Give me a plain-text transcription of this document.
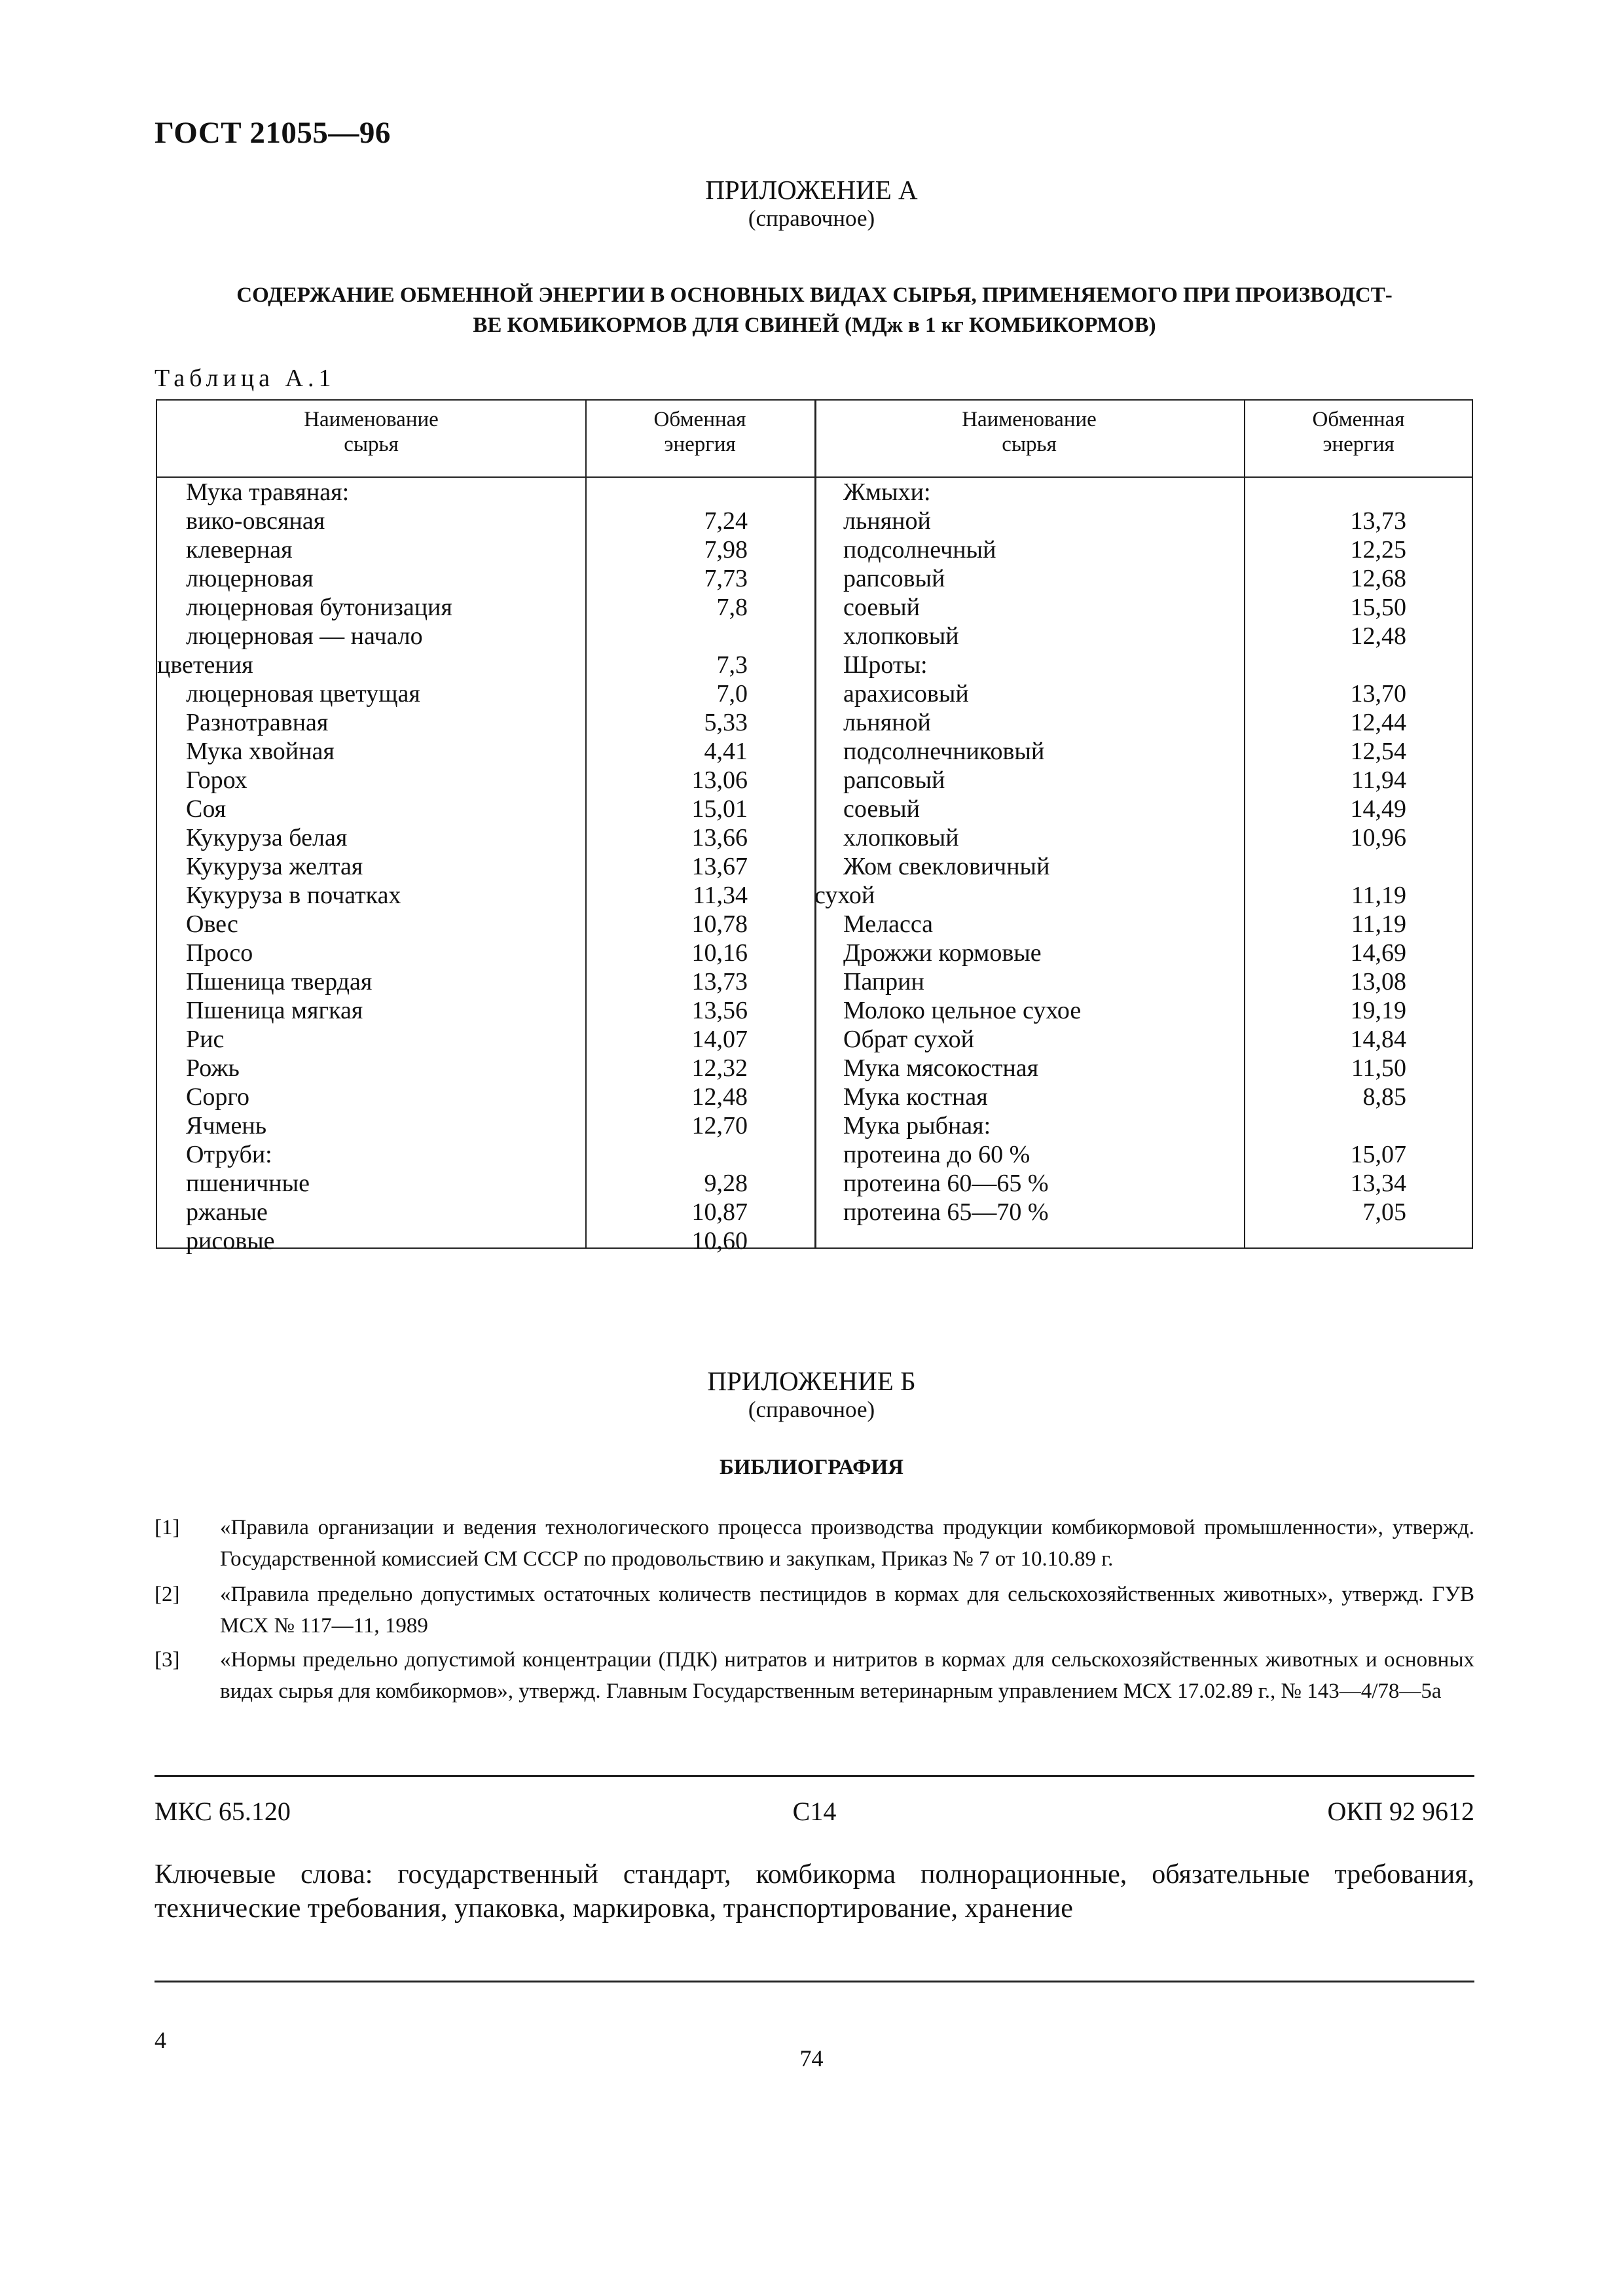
ГОСТ 21055—96
ПРИЛОЖЕНИЕ А
(справочное)
СОДЕРЖАНИЕ ОБМЕННОЙ ЭНЕРГИИ В ОСНОВНЫХ ВИДАХ СЫРЬЯ, ПРИМЕНЯЕМОГО ПРИ ПРОИЗВОДСТ-
ВЕ КОМБИКОРМОВ ДЛЯ СВИНЕЙ (МДж в 1 кг КОМБИКОРМОВ)
Таблица А.1
Наименование
сырья
Обменная
энергия
Наименование
сырья
Обменная
энергия
Мука травяная:
вико-овсяная
клеверная
люцерновая
люцерновая бутонизация
люцерновая — начало
цветения
люцерновая цветущая
Разнотравная
Мука хвойная
Горох
Соя
Кукуруза белая
Кукуруза желтая
Кукуруза в початках
Овес
Просо
Пшеница твердая
Пшеница мягкая
Рис
Рожь
Сорго
Ячмень
Отруби:
пшеничные
ржаные
рисовые
7,24
7,98
7,73
7,8
7,3
7,0
5,33
4,41
13,06
15,01
13,66
13,67
11,34
10,78
10,16
13,73
13,56
14,07
12,32
12,48
12,70
9,28
10,87
10,60
Жмыхи:
льняной
подсолнечный
рапсовый
соевый
хлопковый
Шроты:
арахисовый
льняной
подсолнечниковый
рапсовый
соевый
хлопковый
Жом свекловичный
сухой
Меласса
Дрожжи кормовые
Паприн
Молоко цельное сухое
Обрат сухой
Мука мясокостная
Мука костная
Мука рыбная:
протеина до 60 %
протеина 60—65 %
протеина 65—70 %
13,73
12,25
12,68
15,50
12,48
13,70
12,44
12,54
11,94
14,49
10,96
11,19
11,19
14,69
13,08
19,19
14,84
11,50
8,85
15,07
13,34
7,05
ПРИЛОЖЕНИЕ Б
(справочное)
БИБЛИОГРАФИЯ
[1] «Правила организации и ведения технологического процесса производства продукции комбикормовой промышленности», утвержд. Государственной комиссией СМ СССР по продовольствию и закупкам, Приказ № 7 от 10.10.89 г.
[2] «Правила предельно допустимых остаточных количеств пестицидов в кормах для сельскохозяйственных животных», утвержд. ГУВ МСХ № 117—11, 1989
[3] «Нормы предельно допустимой концентрации (ПДК) нитратов и нитритов в кормах для сельскохозяйственных животных и основных видах сырья для комбикормов», утвержд. Главным Государственным ветеринарным управлением МСХ 17.02.89 г., № 143—4/78—5а
МКС 65.120	С14	ОКП 92 9612
Ключевые слова: государственный стандарт, комбикорма полнорационные, обязательные требования, технические требования, упаковка, маркировка, транспортирование, хранение
4
74
